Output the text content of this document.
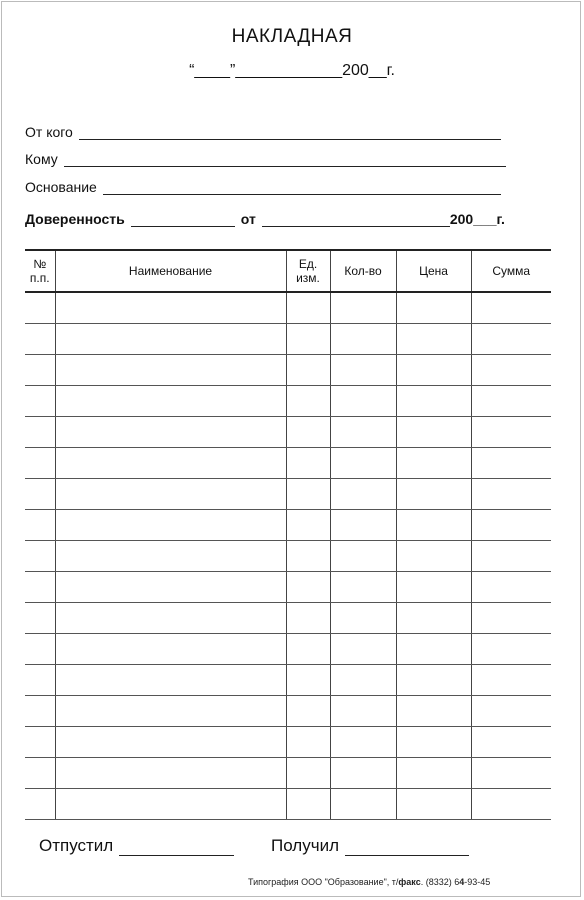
НАКЛАДНАЯ
“____”____________200__г.
От кого
Кому
Основание
Доверенность	от	200___г.
№ п.п.	Наименование	Ед. изм.	Кол-во	Цена	Сумма

Отпустил	Получил
Типография ООО "Образование", т/факс. (8332) 64-93-45
